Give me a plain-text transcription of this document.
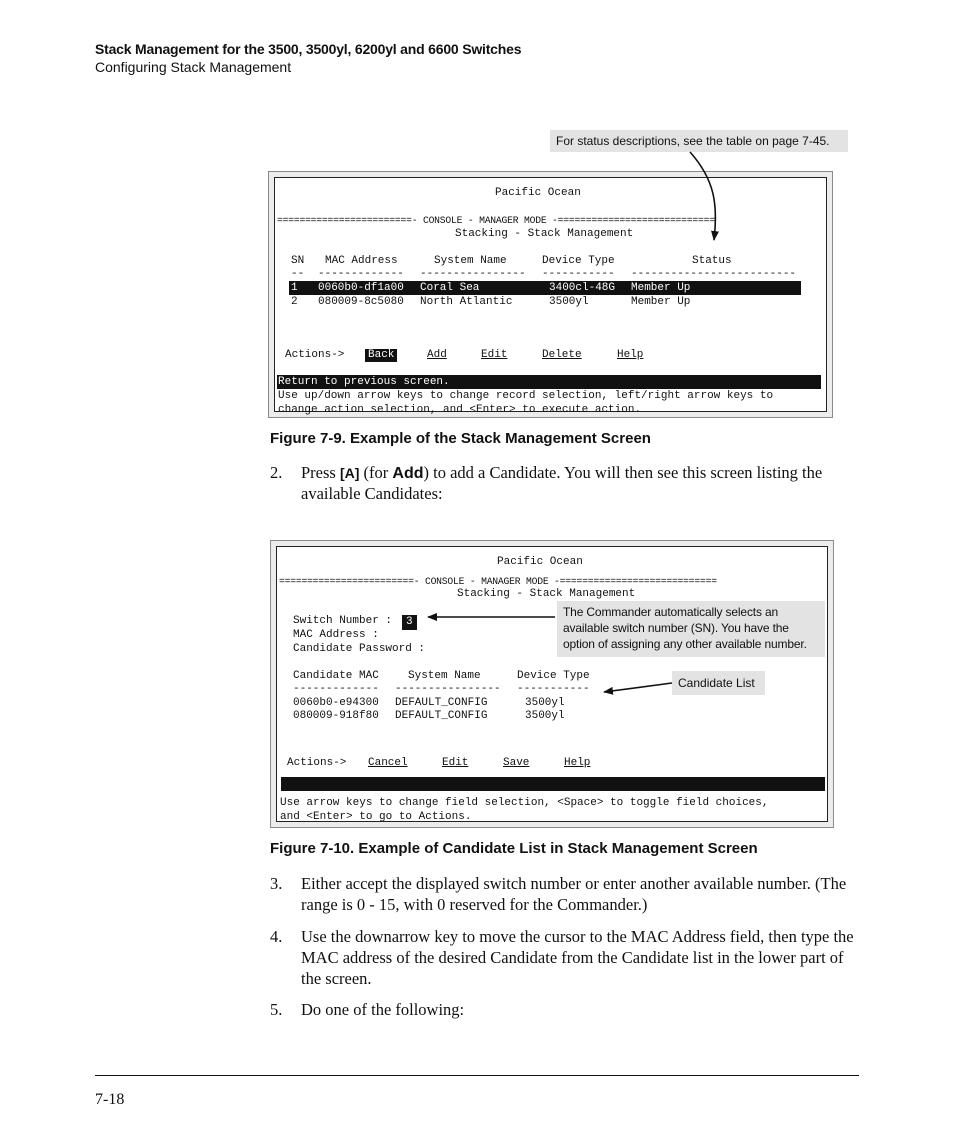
Stack Management for the 3500, 3500yl, 6200yl and 6600 Switches
Configuring Stack Management
For status descriptions, see the table on page 7-45.
Pacific Ocean
========================- CONSOLE - MANAGER MODE -============================
Stacking - Stack Management
SN MAC Address	System Name	Device Type	Status
-- ------------- ---------------- ----------- -------------------------
1 0060b0-df1a00 Coral Sea	3400cl-48G Member Up
2 080009-8c5080 North Atlantic	3500yl	Member Up
Actions-> Back	Add	Edit	Delete	Help
Return to previous screen.
Use up/down arrow keys to change record selection, left/right arrow keys to
change action selection, and <Enter> to execute action.
Figure 7-9. Example of the Stack Management Screen
2. Press [A] (for Add) to add a Candidate. You will then see this screen listing the available Candidates:
Pacific Ocean
========================- CONSOLE - MANAGER MODE -============================
Stacking - Stack Management
Switch Number :	3
MAC Address :
Candidate Password :
Candidate MAC	System Name	Device Type
------------- ---------------- -----------
0060b0-e94300 DEFAULT_CONFIG	3500yl
080009-918f80 DEFAULT_CONFIG	3500yl
Actions-> Cancel	Edit	Save	Help
Use arrow keys to change field selection, <Space> to toggle field choices,
and <Enter> to go to Actions.
The Commander automatically selects an available switch number (SN). You have the option of assigning any other available number.
Candidate List
Figure 7-10. Example of Candidate List in Stack Management Screen
3. Either accept the displayed switch number or enter another available number. (The range is 0 - 15, with 0 reserved for the Commander.)
4. Use the downarrow key to move the cursor to the MAC Address field, then type the MAC address of the desired Candidate from the Candidate list in the lower part of the screen.
5. Do one of the following:
7-18
